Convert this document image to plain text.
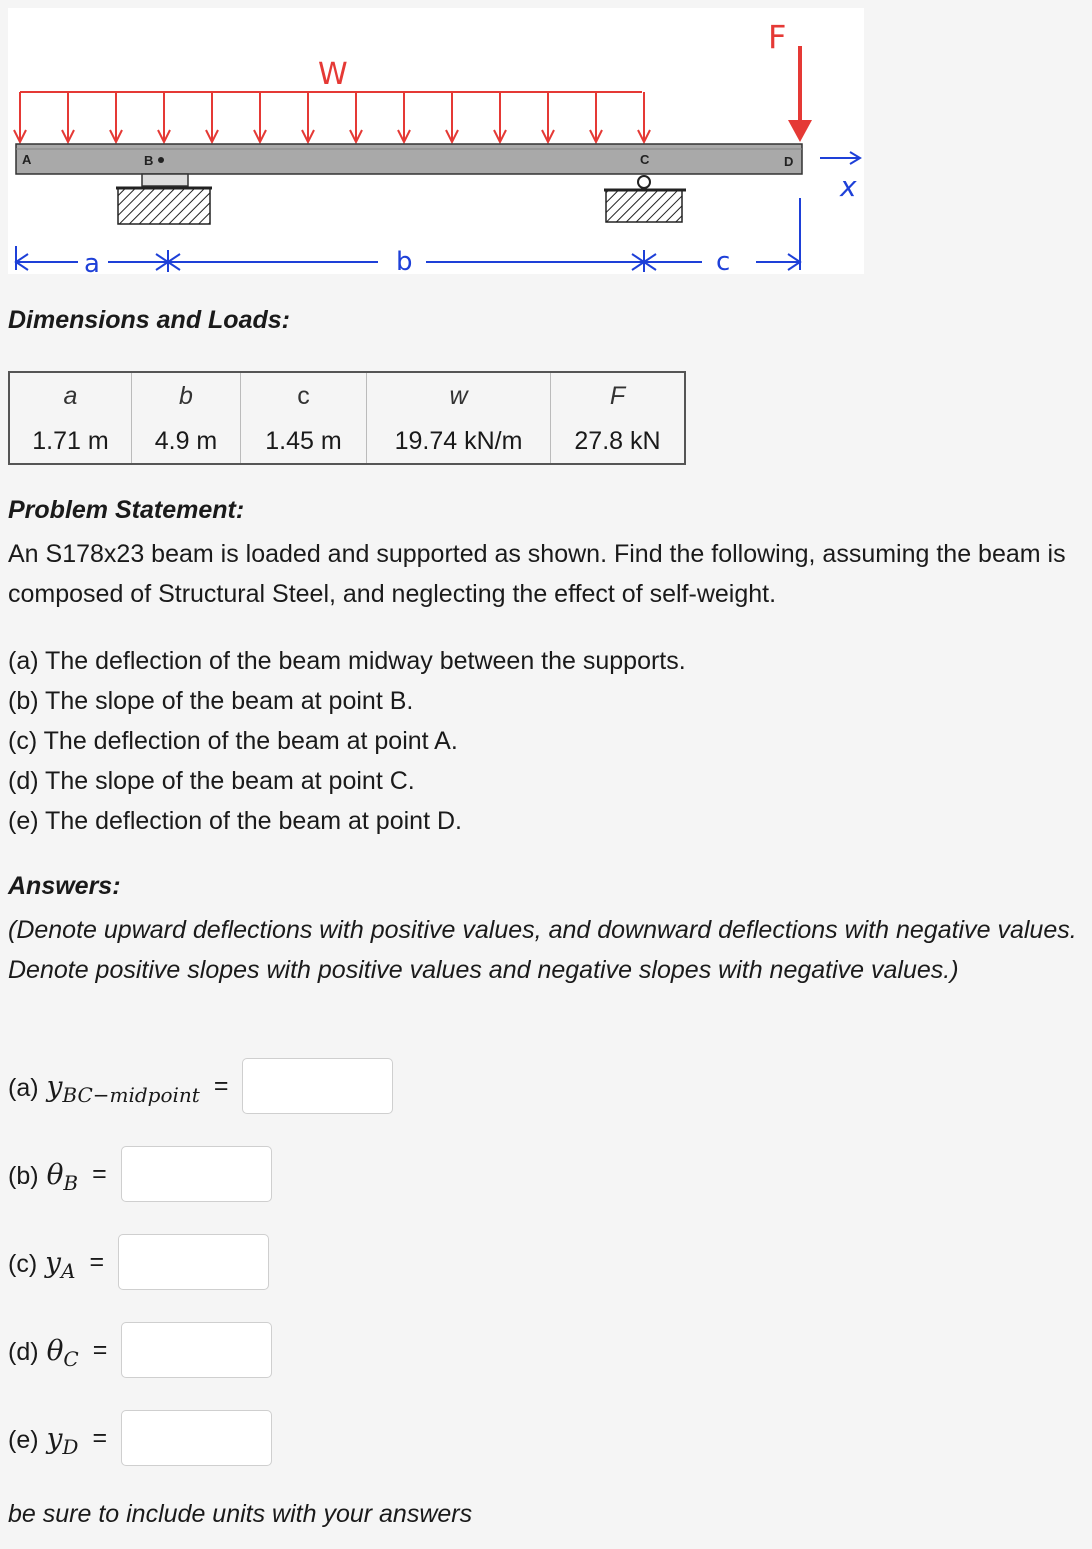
W
F
A	B	C	D
x
a	b	c
Dimensions and Loads:
a	b	c	w	F
1.71 m	4.9 m	1.45 m	19.74 kN/m	27.8 kN
Problem Statement:

An S178x23 beam is loaded and supported as shown. Find the following, assuming the beam is composed of Structural Steel, and neglecting the effect of self-weight.

(a) The deflection of the beam midway between the supports.
(b) The slope of the beam at point B.
(c) The deflection of the beam at point A.
(d) The slope of the beam at point C.
(e) The deflection of the beam at point D.
Answers:

(Denote upward deflections with positive values, and downward deflections with negative values. Denote positive slopes with positive values and negative slopes with negative values.)

(a) y BC−midpoint =
(b) θ B =
(c) y A =
(d) θ C =
(e) y D =

be sure to include units with your answers
